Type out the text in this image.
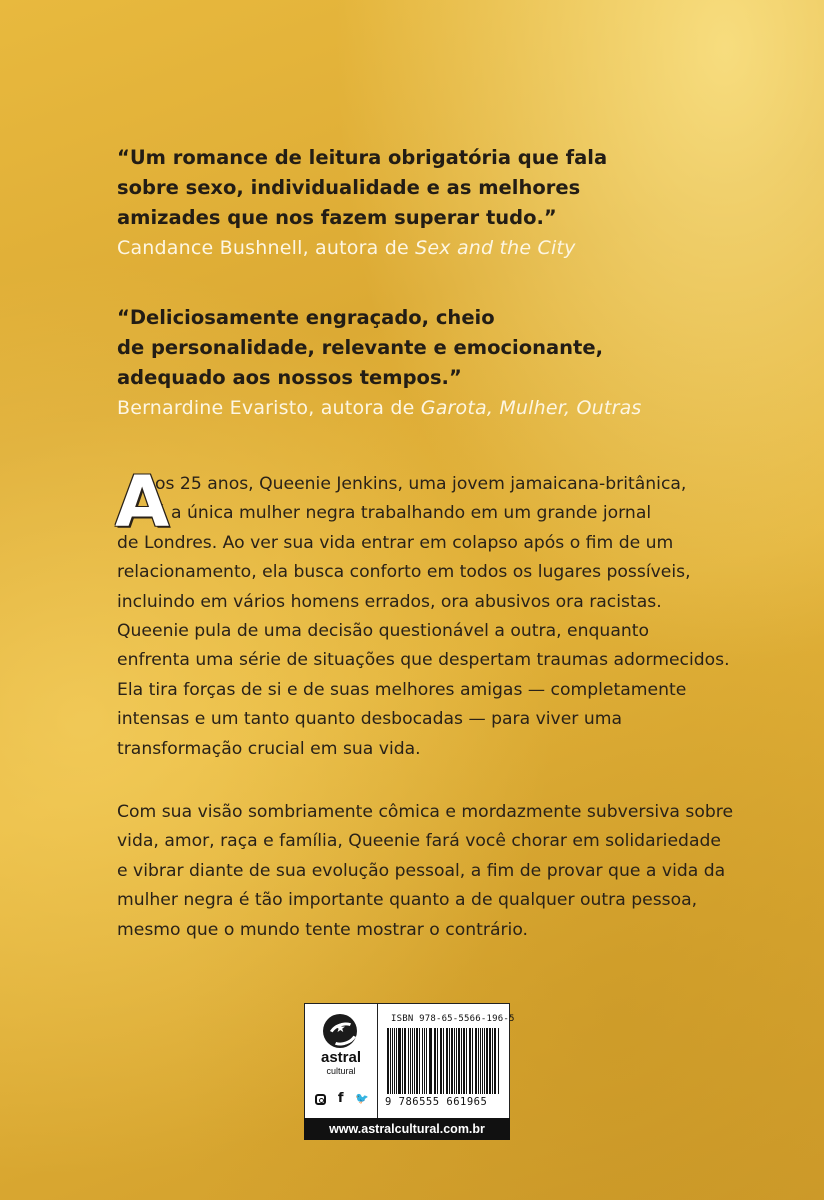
“Um romance de leitura obrigatória que fala
sobre sexo, individualidade e as melhores
amizades que nos fazem superar tudo.”
Candance Bushnell, autora de Sex and the City
“Deliciosamente engraçado, cheio
de personalidade, relevante e emocionante,
adequado aos nossos tempos.”
Bernardine Evaristo, autora de Garota, Mulher, Outras
A
os 25 anos, Queenie Jenkins, uma jovem jamaicana-britânica,
é a única mulher negra trabalhando em um grande jornal
de Londres. Ao ver sua vida entrar em colapso após o fim de um
relacionamento, ela busca conforto em todos os lugares possíveis,
incluindo em vários homens errados, ora abusivos ora racistas.
Queenie pula de uma decisão questionável a outra, enquanto
enfrenta uma série de situações que despertam traumas adormecidos.
Ela tira forças de si e de suas melhores amigas — completamente
intensas e um tanto quanto desbocadas — para viver uma
transformação crucial em sua vida.
Com sua visão sombriamente cômica e mordazmente subversiva sobre
vida, amor, raça e família, Queenie fará você chorar em solidariedade
e vibrar diante de sua evolução pessoal, a fim de provar que a vida da
mulher negra é tão importante quanto a de qualquer outra pessoa,
mesmo que o mundo tente mostrar o contrário.
★
astral
cultural
f 🐦
ISBN 978-65-5566-196-5
9 786555 661965
www.astralcultural.com.br
